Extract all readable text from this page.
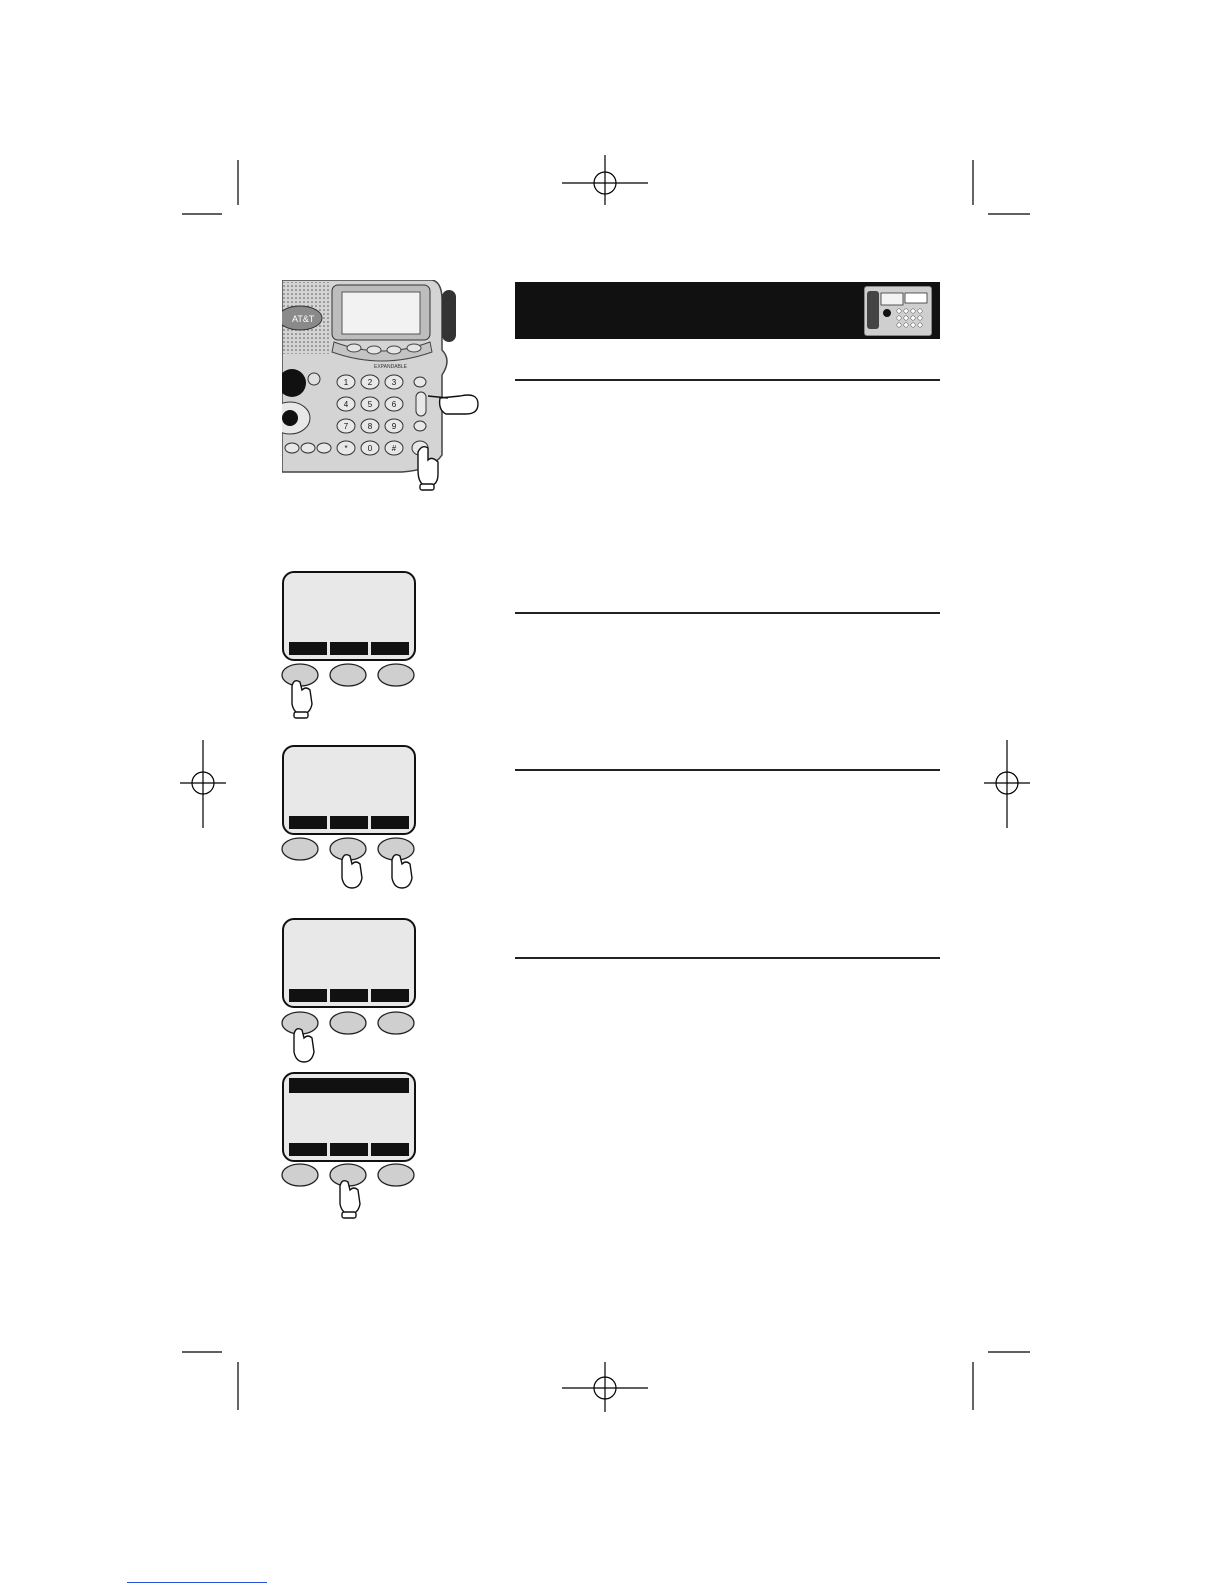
AT&T
EXPANDABLE
1 2 3
4 5 6
7 8 9
*	0 #
